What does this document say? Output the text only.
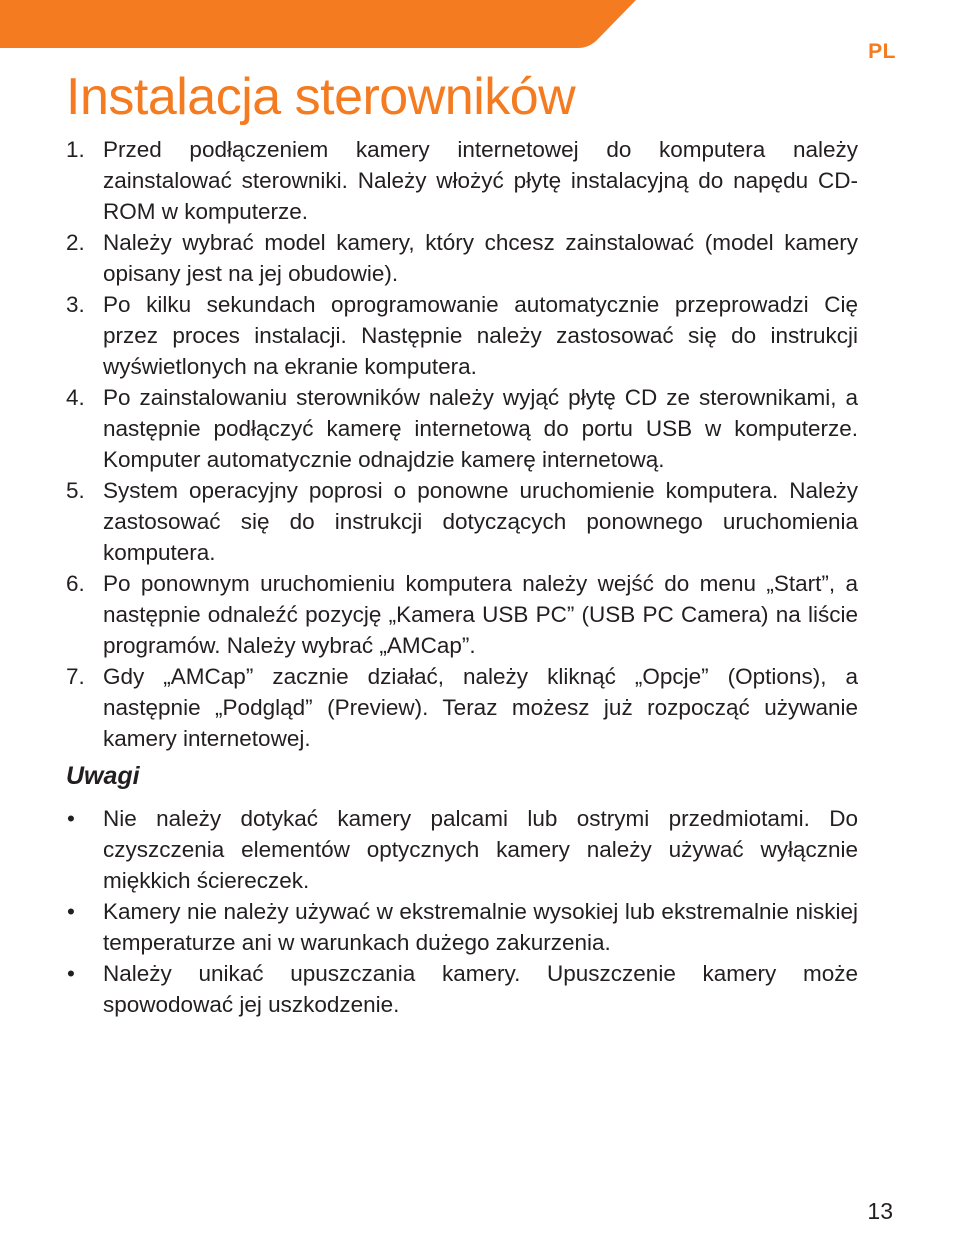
PL
Instalacja sterowników
1. Przed podłączeniem kamery internetowej do komputera należy zainstalować sterowniki. Należy włożyć płytę instalacyjną do napędu CD-ROM w komputerze.
2. Należy wybrać model kamery, który chcesz zainstalować (model kamery opisany jest na jej obudowie).
3. Po kilku sekundach oprogramowanie automatycznie przeprowadzi Cię przez proces instalacji. Następnie należy zastosować się do instrukcji wyświetlonych na ekranie komputera.
4. Po zainstalowaniu sterowników należy wyjąć płytę CD ze sterownikami, a następnie podłączyć kamerę internetową do portu USB w komputerze. Komputer automatycznie odnajdzie kamerę internetową.
5. System operacyjny poprosi o ponowne uruchomienie komputera. Należy zastosować się do instrukcji dotyczących ponownego uruchomienia komputera.
6. Po ponownym uruchomieniu komputera należy wejść do menu „Start”, a następnie odnaleźć pozycję „Kamera USB PC” (USB PC Camera) na liście programów. Należy wybrać „AMCap”.
7. Gdy „AMCap” zacznie działać, należy kliknąć „Opcje” (Options), a następnie „Podgląd” (Preview). Teraz możesz już rozpocząć używanie kamery internetowej.
Uwagi
• Nie należy dotykać kamery palcami lub ostrymi przedmiotami. Do czyszczenia elementów optycznych kamery należy używać wyłącznie miękkich ściereczek.
• Kamery nie należy używać w ekstremalnie wysokiej lub ekstremalnie niskiej temperaturze ani w warunkach dużego zakurzenia.
• Należy unikać upuszczania kamery. Upuszczenie kamery może spowodować jej uszkodzenie.
13
